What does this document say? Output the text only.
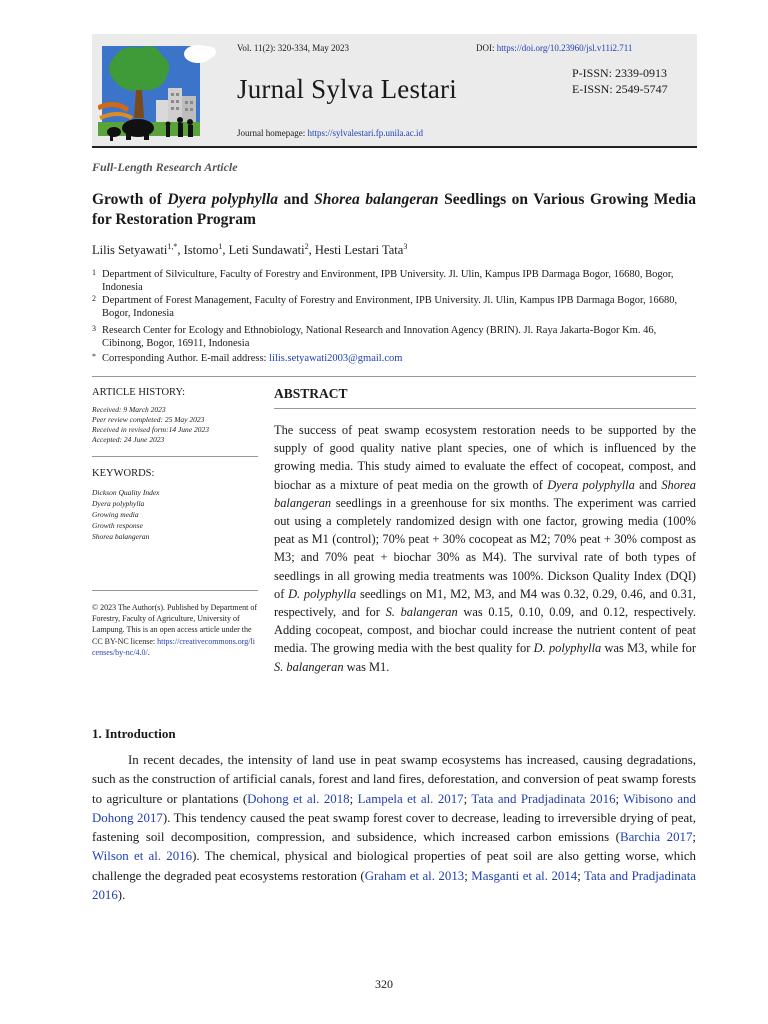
Vol. 11(2): 320-334, May 2023	DOI: https://doi.org/10.23960/jsl.v11i2.711
Jurnal Sylva Lestari
P-ISSN: 2339-0913
E-ISSN: 2549-5747
Journal homepage: https://sylvalestari.fp.unila.ac.id
Full-Length Research Article
Growth of Dyera polyphylla and Shorea balangeran Seedlings on Various Growing Media for Restoration Program
Lilis Setyawati$^{1,*}$, Istomo$^1$, Leti Sundawati$^2$, Hesti Lestari Tata$^3$
1 Department of Silviculture, Faculty of Forestry and Environment, IPB University. Jl. Ulin, Kampus IPB Darmaga Bogor, 16680, Bogor, Indonesia
2 Department of Forest Management, Faculty of Forestry and Environment, IPB University. Jl. Ulin, Kampus IPB Darmaga Bogor, 16680, Bogor, Indonesia
3 Research Center for Ecology and Ethnobiology, National Research and Innovation Agency (BRIN). Jl. Raya Jakarta-Bogor Km. 46, Cibinong, Bogor, 16911, Indonesia
* Corresponding Author. E-mail address: lilis.setyawati2003@gmail.com
ARTICLE HISTORY:
Received: 9 March 2023
Peer review completed: 25 May 2023
Received in revised form:14 June 2023
Accepted: 24 June 2023
KEYWORDS:
Dickson Quality Index
Dyera polyphylla
Growing media
Growth response
Shorea balangeran
© 2023 The Author(s). Published by Department of Forestry, Faculty of Agriculture, University of Lampung. This is an open access article under the CC BY-NC license: https://creativecommons.org/licenses/by-nc/4.0/.
ABSTRACT
The success of peat swamp ecosystem restoration needs to be supported by the supply of good quality native plant species, one of which is influenced by the growing media. This study aimed to evaluate the effect of cocopeat, compost, and biochar as a mixture of peat media on the growth of Dyera polyphylla and Shorea balangeran seedlings in a greenhouse for six months. The experiment was carried out using a completely randomized design with one factor, growing media (100% peat as M1 (control); 70% peat + 30% cocopeat as M2; 70% peat + 30% compost as M3; and 70% peat + biochar 30% as M4). The survival rate of both types of seedlings in all growing media treatments was 100%. Dickson Quality Index (DQI) of D. polyphylla seedlings on M1, M2, M3, and M4 was 0.32, 0.29, 0.46, and 0.31, respectively, and for S. balangeran was 0.15, 0.10, 0.09, and 0.12, respectively. Adding cocopeat, compost, and biochar could increase the nutrient content of peat media. The growing media with the best quality for D. polyphylla was M3, while for S. balangeran was M1.
1. Introduction
In recent decades, the intensity of land use in peat swamp ecosystems has increased, causing degradations, such as the construction of artificial canals, forest and land fires, deforestation, and conversion of peat swamp forests to agriculture or plantations (Dohong et al. 2018; Lampela et al. 2017; Tata and Pradjadinata 2016; Wibisono and Dohong 2017). This tendency caused the peat swamp forest cover to decrease, leading to irreversible drying of peat, fastening soil decomposition, compression, and subsidence, which increased carbon emissions (Barchia 2017; Wilson et al. 2016). The chemical, physical and biological properties of peat soil are also getting worse, which challenge the degraded peat ecosystems restoration (Graham et al. 2013; Masganti et al. 2014; Tata and Pradjadinata 2016).
320
